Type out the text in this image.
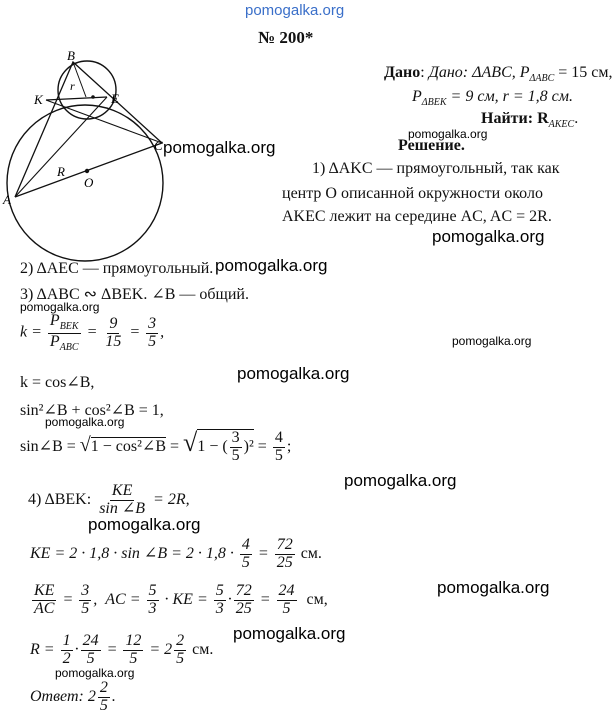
pomogalka.org
pomogalka.org
pomogalka.org
pomogalka.org
pomogalka.org
pomogalka.org
pomogalka.org
pomogalka.org
pomogalka.org
pomogalka.org
pomogalka.org
pomogalka.org
pomogalka.org
pomogalka.org
№ 200*
B
K	E
r
C
A
R
O
Дано: Дано: ΔABC, $P_{\Delta ABC} = 15$ см,
$P_{\Delta BEK} = 9$ см, r = 1,8 см.
Найти: $R_{AKEC}$.
Решение.
1) ΔAKC — прямоугольный, так как
центр O описанной окружности около
AKEC лежит на середине AC, AC = 2R.
2) ΔAEC — прямоугольный.
3) ΔABC ∾ ΔBEK. ∠B — общий.
$k = \frac{P_{BEK}}{P_{ABC}} = \frac{9}{15} = \frac{3}{5}$ ,
k = cos∠B,
sin²∠B + cos²∠B = 1,
sin∠B = √1 − cos²∠B = √ 1 − ( $\frac{3}{5} )^2 = \frac{4}{5}$ ;
4) ΔBEK: $\frac{KE}{\sin \angle B} = 2R$,
KE = 2 · 1,8 · sin ∠B = $2 \cdot 1,8 \cdot \frac{4}{5} = \frac{72}{25}$ см.
$\frac{KE}{AC} = \frac{3}{5}$ ,  AC = $\frac{5}{3}$ · KE = $\frac{5}{3} \cdot \frac{72}{25} = \frac{24}{5}$ см,
$R = \frac{1}{2} \cdot \frac{24}{5} = \frac{12}{5} = 2 \frac{2}{5}$ см.
Ответ: $2 \frac{2}{5}$ .
